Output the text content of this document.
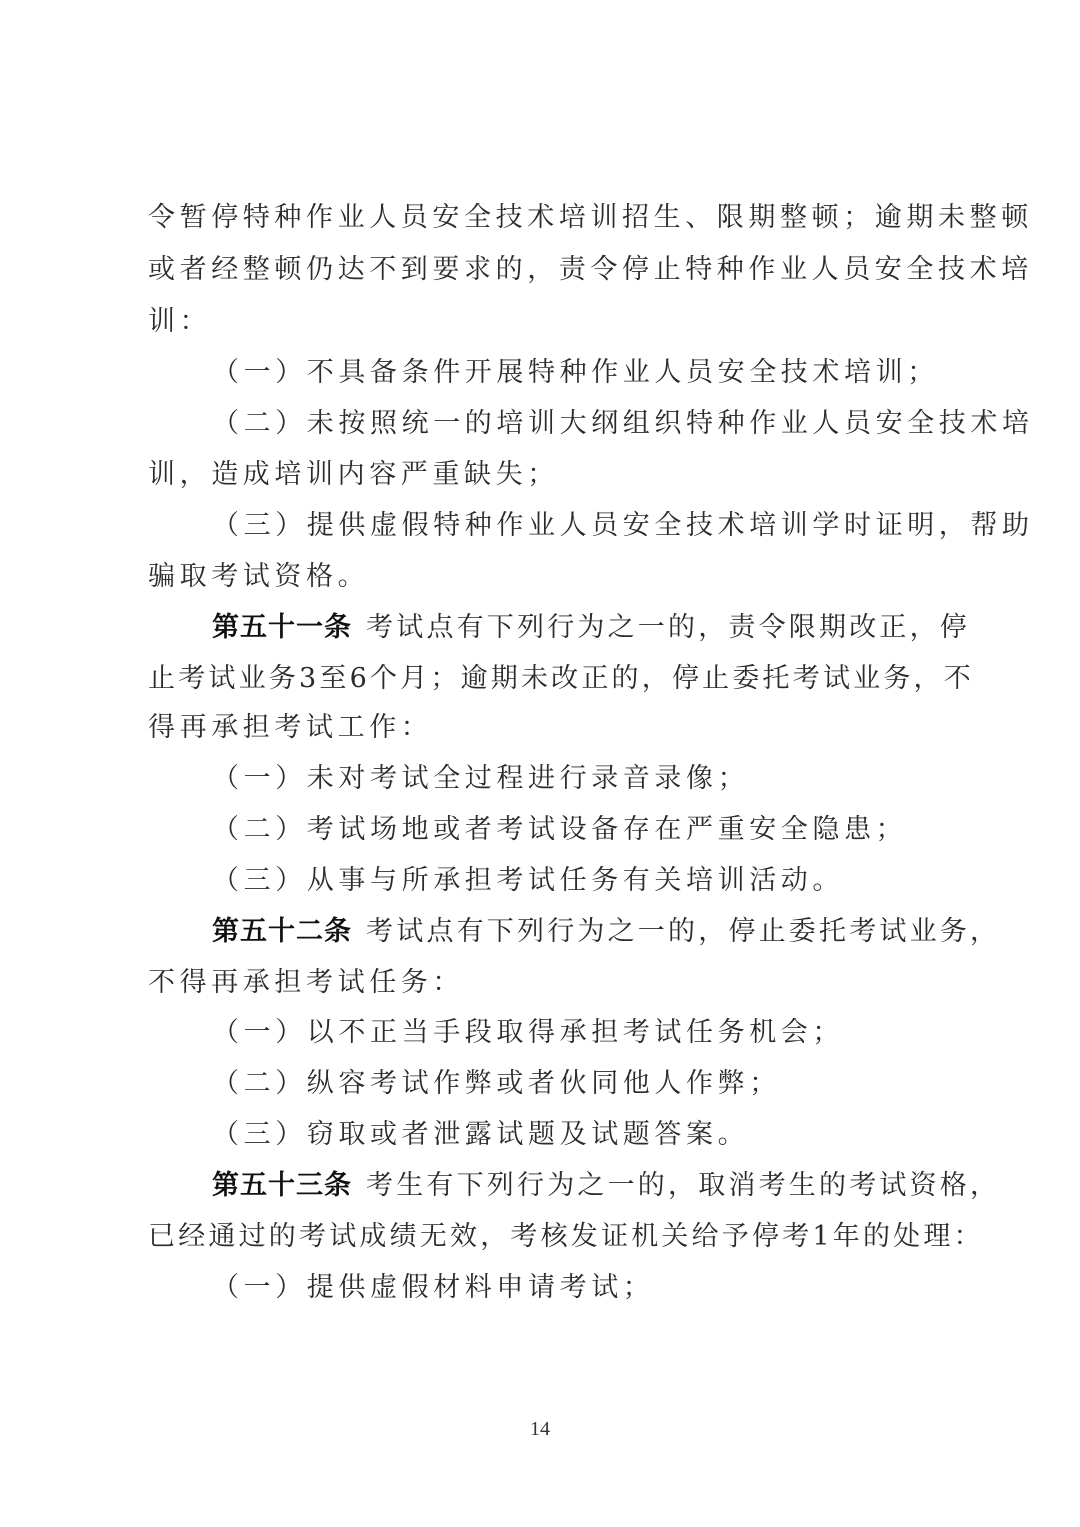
令暂停特种作业人员安全技术培训招生、限期整顿；逾期未整顿
或者经整顿仍达不到要求的，责令停止特种作业人员安全技术培
训：
（一）不具备条件开展特种作业人员安全技术培训；
（二）未按照统一的培训大纲组织特种作业人员安全技术培
训，造成培训内容严重缺失；
（三）提供虚假特种作业人员安全技术培训学时证明，帮助
骗取考试资格。
第五十一条 考试点有下列行为之一的，责令限期改正，停
止考试业务3至6个月；逾期未改正的，停止委托考试业务，不
得再承担考试工作：
（一）未对考试全过程进行录音录像；
（二）考试场地或者考试设备存在严重安全隐患；
（三）从事与所承担考试任务有关培训活动。
第五十二条 考试点有下列行为之一的，停止委托考试业务，
不得再承担考试任务：
（一）以不正当手段取得承担考试任务机会；
（二）纵容考试作弊或者伙同他人作弊；
（三）窃取或者泄露试题及试题答案。
第五十三条 考生有下列行为之一的，取消考生的考试资格，
已经通过的考试成绩无效，考核发证机关给予停考1年的处理：
（一）提供虚假材料申请考试；
14
